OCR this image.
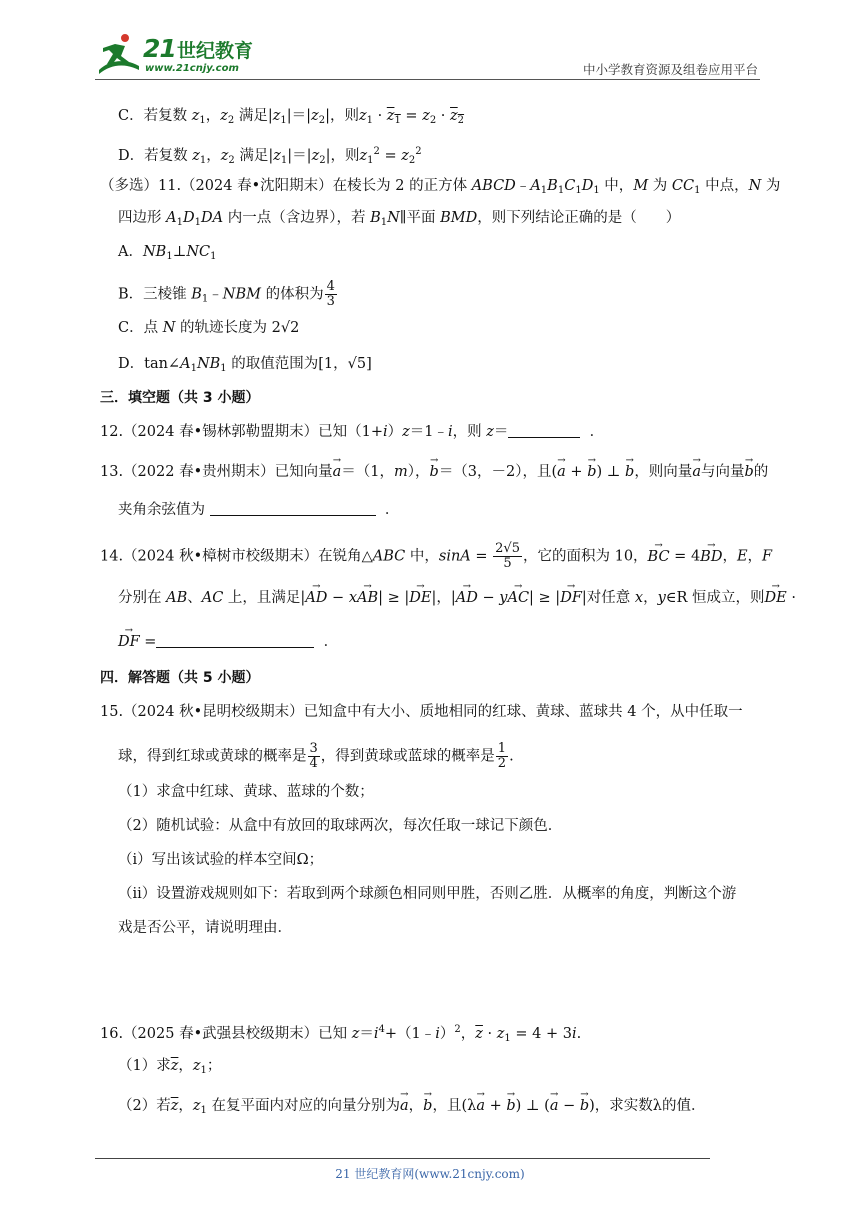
21 世纪教育
www.21cnjy.com	中小学教育资源及组卷应用平台
C．若复数 $z_1$，$z_2$ 满足$|z_1|=|z_2|$，则$z_1 \cdot z_1 = z_2 \cdot z_2$
D．若复数 $z_1$，$z_2$ 满足$|z_1|=|z_2|$，则$z_1^2 = z_2^2$
（多选）11.（2024 春•沈阳期末）在棱长为 2 的正方体 $ABCD﹣A_1B_1C_1D_1$ 中，M 为 $CC_1$ 中点，N 为
四边形 $A_1D_1DA$ 内一点（含边界），若 $B_1N\parallel$平面 BMD，则下列结论正确的是（　　）
A．$NB_1\perp NC_1$
B．三棱锥 $B_1﹣NBM$ 的体积为 $\frac{4}{3}$
C．点 N 的轨迹长度为 2√2
D．$\tan\angle A_1NB_1$ 的取值范围为[1，√5]
三．填空题（共 3 小题）
12.（2024 春•锡林郭勒盟期末）已知（1+i）z＝1﹣i，则 z＝	．
13.（2022 春•贵州期末）已知向量→ a＝（1，m），→ b＝（3，－2），且(→ a + → b) ⊥ → b，则向量→ a与向量→ b的
夹角余弦值为	．
14.（2024 秋•樟树市校级期末）在锐角△ABC 中，$\sin A = \frac{2√5}{5}$ ，它的面积为 10，→ BC = 4→ BD，E，F
分别在 AB、AC 上，且满足|→ AD − x→ AB| ≥ |→ DE|，|→ AD − y→ AC| ≥ |→ DF|对任意 x，y∈R 恒成立，则→ DE ·
→ DF =	．
四．解答题（共 5 小题）
15.（2024 秋•昆明校级期末）已知盒中有大小、质地相同的红球、黄球、蓝球共 4 个，从中任取一
球，得到红球或黄球的概率是 $\frac{3}{4}$ ，得到黄球或蓝球的概率是 $\frac{1}{2}$ .
（1）求盒中红球、黄球、蓝球的个数；
（2）随机试验：从盒中有放回的取球两次，每次任取一球记下颜色．
（i）写出该试验的样本空间Ω；
（ii）设置游戏规则如下：若取到两个球颜色相同则甲胜，否则乙胜．从概率的角度，判断这个游
戏是否公平，请说明理由．
16.（2025 春•武强县校级期末）已知 $z=i^4+(1﹣i)^2$，$\overline{z} \cdot z_1 = 4 + 3i$.
（1）求$\overline{z}$，$z_1$；
（2）若$\overline{z}$，$z_1$ 在复平面内对应的向量分别为→ a，→ b，且(λ→ a + → b) ⊥ (→ a − → b)，求实数λ的值．
21 世纪教育网(www.21cnjy.com)
